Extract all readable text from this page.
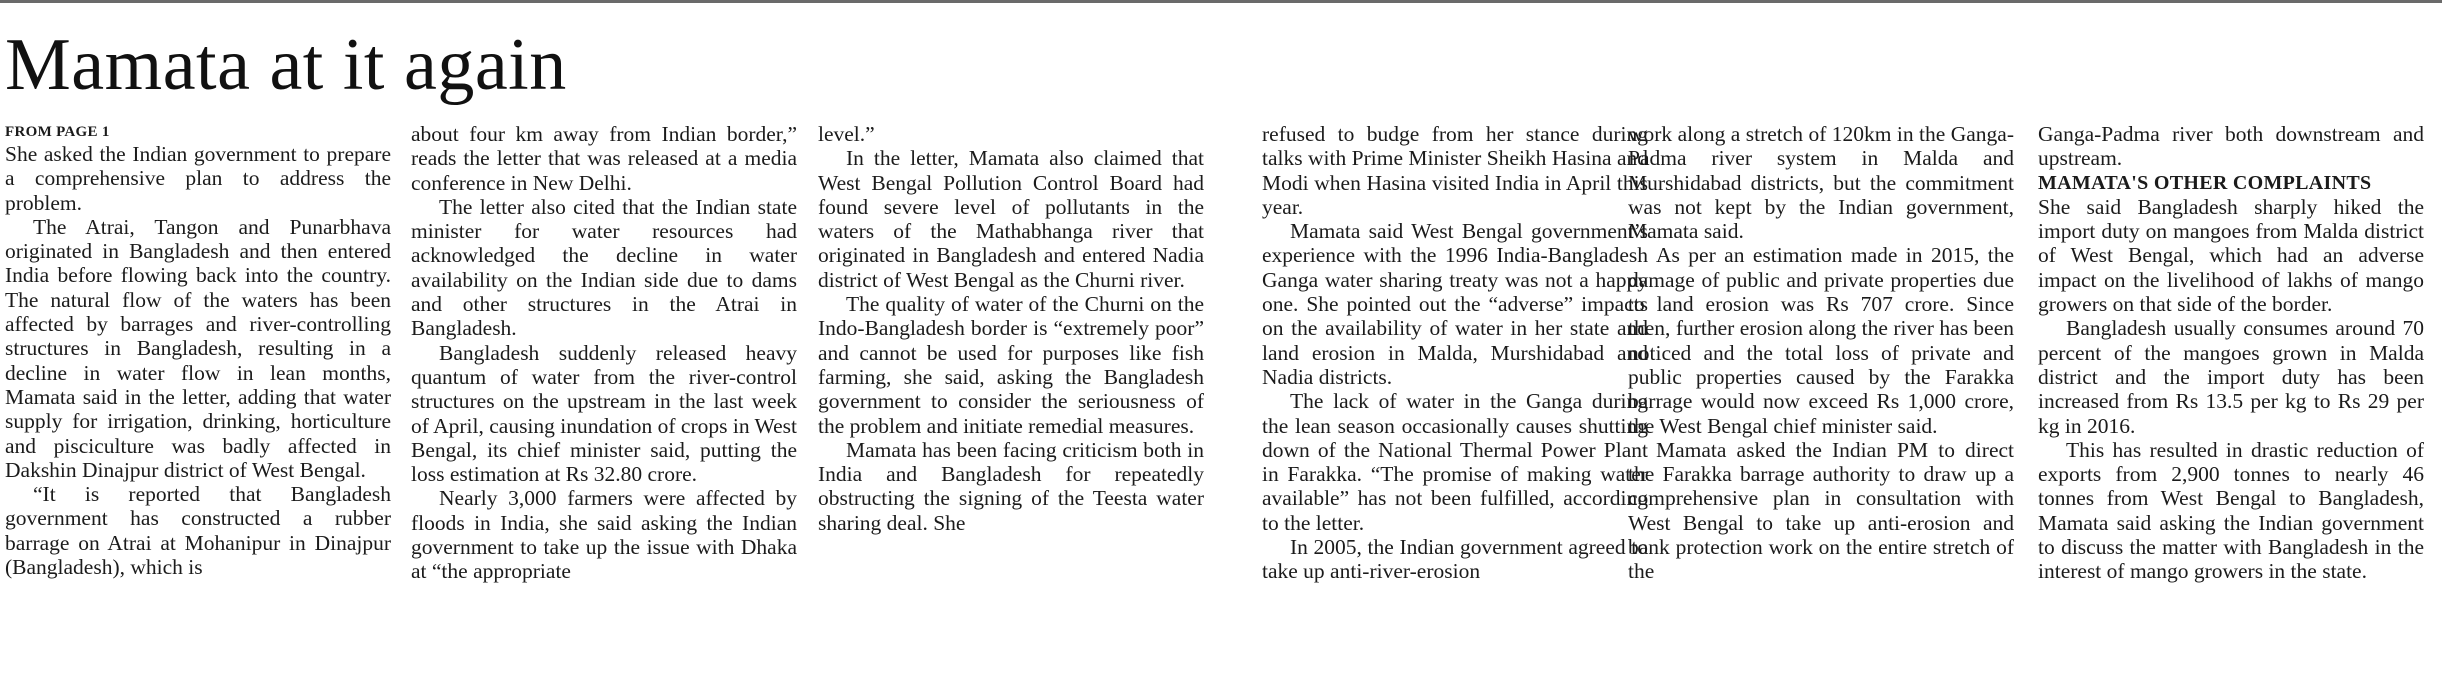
Mamata at it again

FROM PAGE 1

She asked the Indian government to prepare a comprehensive plan to address the problem.

The Atrai, Tangon and Punarbhava originated in Bangladesh and then entered India before flowing back into the country. The natural flow of the waters has been affected by barrages and river-controlling structures in Bangladesh, resulting in a decline in water flow in lean months, Mamata said in the letter, adding that water supply for irrigation, drinking, horticulture and pisciculture was badly affected in Dakshin Dinajpur district of West Bengal.

“It is reported that Bangladesh government has constructed a rubber barrage on Atrai at Mohanipur in Dinajpur (Bangladesh), which is

about four km away from Indian border,” reads the letter that was released at a media conference in New Delhi.

The letter also cited that the Indian state minister for water resources had acknowledged the decline in water availability on the Indian side due to dams and other structures in the Atrai in Bangladesh.

Bangladesh suddenly released heavy quantum of water from the river-control structures on the upstream in the last week of April, causing inundation of crops in West Bengal, its chief minister said, putting the loss estimation at Rs 32.80 crore.

Nearly 3,000 farmers were affected by floods in India, she said asking the Indian government to take up the issue with Dhaka at “the appropriate

level.”

In the letter, Mamata also claimed that West Bengal Pollution Control Board had found severe level of pollutants in the waters of the Mathabhanga river that originated in Bangladesh and entered Nadia district of West Bengal as the Churni river.

The quality of water of the Churni on the Indo-Bangladesh border is “extremely poor” and cannot be used for purposes like fish farming, she said, asking the Bangladesh government to consider the seriousness of the problem and initiate remedial measures.

Mamata has been facing criticism both in India and Bangladesh for repeatedly obstructing the signing of the Teesta water sharing deal. She

refused to budge from her stance during talks with Prime Minister Sheikh Hasina and Modi when Hasina visited India in April this year.

Mamata said West Bengal government’s experience with the 1996 India-Bangladesh Ganga water sharing treaty was not a happy one. She pointed out the “adverse” impacts on the availability of water in her state and land erosion in Malda, Murshidabad and Nadia districts.

The lack of water in the Ganga during the lean season occasionally causes shutting down of the National Thermal Power Plant in Farakka. “The promise of making water available” has not been fulfilled, according to the letter.

In 2005, the Indian government agreed to take up anti-river-erosion

work along a stretch of 120km in the Ganga-Padma river system in Malda and Murshidabad districts, but the commitment was not kept by the Indian government, Mamata said.

As per an estimation made in 2015, the damage of public and private properties due to land erosion was Rs 707 crore. Since then, further erosion along the river has been noticed and the total loss of private and public properties caused by the Farakka barrage would now exceed Rs 1,000 crore, the West Bengal chief minister said.

Mamata asked the Indian PM to direct the Farakka barrage authority to draw up a comprehensive plan in consultation with West Bengal to take up anti-erosion and bank protection work on the entire stretch of the

Ganga-Padma river both downstream and upstream.

MAMATA'S OTHER COMPLAINTS

She said Bangladesh sharply hiked the import duty on mangoes from Malda district of West Bengal, which had an adverse impact on the livelihood of lakhs of mango growers on that side of the border.

Bangladesh usually consumes around 70 percent of the mangoes grown in Malda district and the import duty has been increased from Rs 13.5 per kg to Rs 29 per kg in 2016.

This has resulted in drastic reduction of exports from 2,900 tonnes to nearly 46 tonnes from West Bengal to Bangladesh, Mamata said asking the Indian government to discuss the matter with Bangladesh in the interest of mango growers in the state.
